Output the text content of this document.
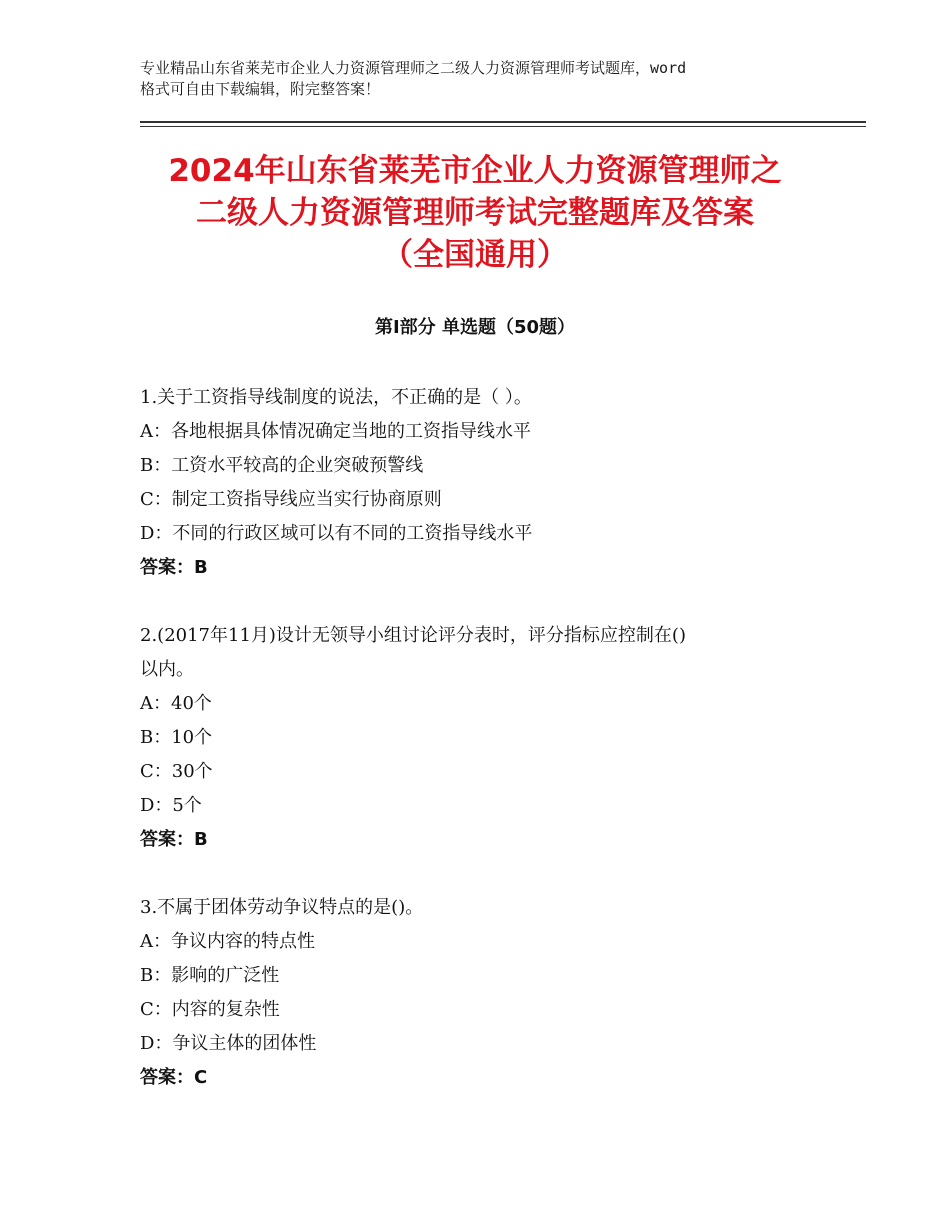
专业精品山东省莱芜市企业人力资源管理师之二级人力资源管理师考试题库，word
格式可自由下载编辑，附完整答案！
2024年山东省莱芜市企业人力资源管理师之
二级人力资源管理师考试完整题库及答案
（全国通用）
第Ⅰ部分 单选题（50题）
1.关于工资指导线制度的说法，不正确的是（ ）。
A：各地根据具体情况确定当地的工资指导线水平
B：工资水平较高的企业突破预警线
C：制定工资指导线应当实行协商原则
D：不同的行政区域可以有不同的工资指导线水平
答案：B
2.(2017年11月)设计无领导小组讨论评分表时，评分指标应控制在()
以内。
A：40个
B：10个
C：30个
D：5个
答案：B
3.不属于团体劳动争议特点的是()。
A：争议内容的特点性
B：影响的广泛性
C：内容的复杂性
D：争议主体的团体性
答案：C
